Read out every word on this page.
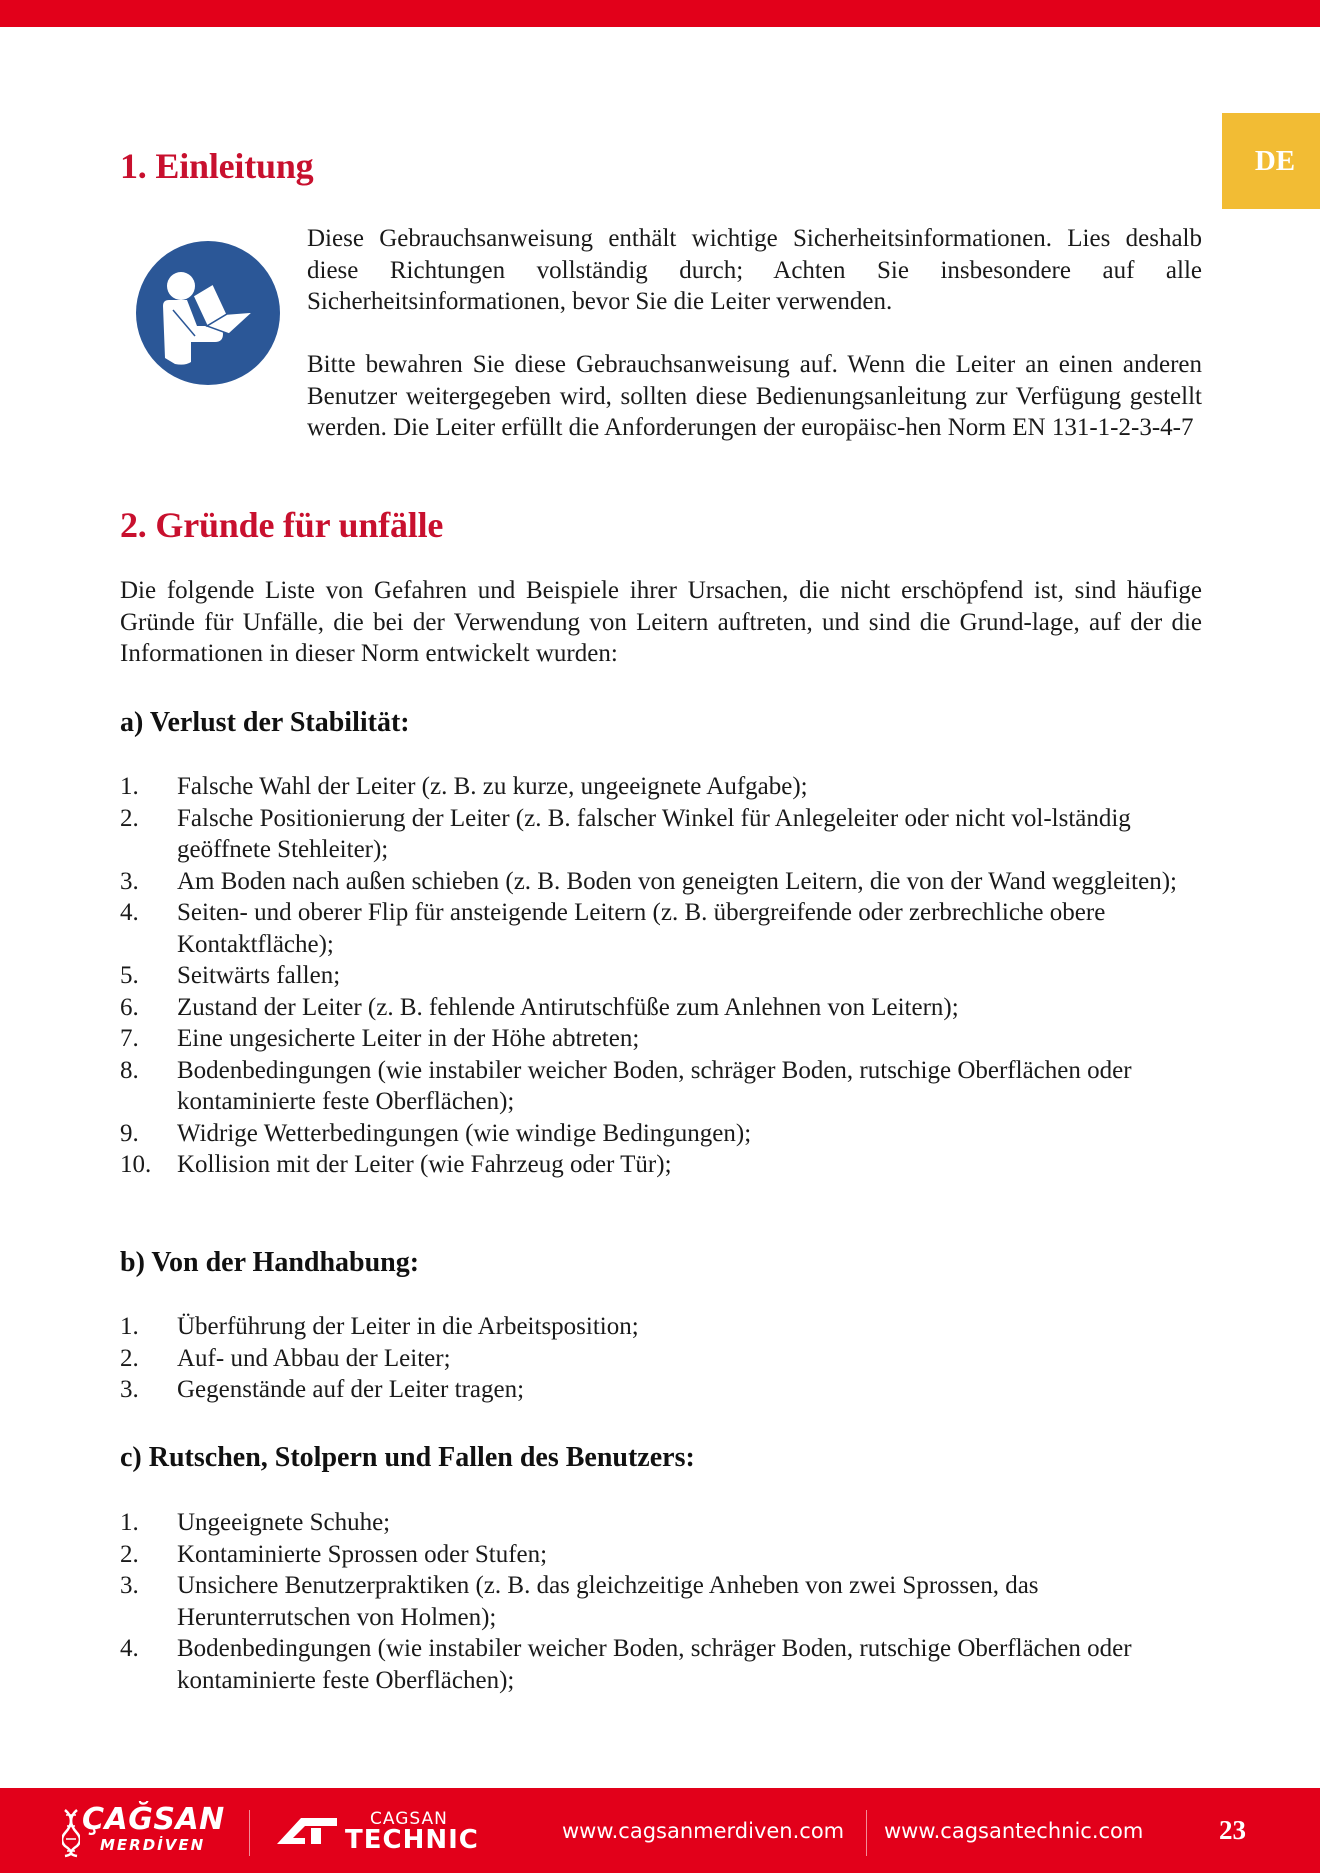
DE
1. Einleitung

Diese Gebrauchsanweisung enthält wichtige Sicherheitsinformationen. Lies deshalb diese Richtungen vollständig durch; Achten Sie insbesondere auf alle Sicherheitsinformationen, bevor Sie die Leiter verwenden.

Bitte bewahren Sie diese Gebrauchsanweisung auf. Wenn die Leiter an einen anderen Benutzer weitergegeben wird, sollten diese Bedienungsanleitung zur Verfügung gestellt werden. Die Leiter erfüllt die Anforderungen der europäisc-hen Norm EN 131-1-2-3-4-7

2. Gründe für unfälle

Die folgende Liste von Gefahren und Beispiele ihrer Ursachen, die nicht erschöpfend ist, sind häufige Gründe für Unfälle, die bei der Verwendung von Leitern auftreten, und sind die Grund-lage, auf der die Informationen in dieser Norm entwickelt wurden:

a) Verlust der Stabilität:
1.	Falsche Wahl der Leiter (z. B. zu kurze, ungeeignete Aufgabe);
2.	Falsche Positionierung der Leiter (z. B. falscher Winkel für Anlegeleiter oder nicht vol-lständig geöffnete Stehleiter);
3.	Am Boden nach außen schieben (z. B. Boden von geneigten Leitern, die von der Wand weggleiten);
4.	Seiten- und oberer Flip für ansteigende Leitern (z. B. übergreifende oder zerbrechliche obere Kontaktfläche);
5.	Seitwärts fallen;
6.	Zustand der Leiter (z. B. fehlende Antirutschfüße zum Anlehnen von Leitern);
7.	Eine ungesicherte Leiter in der Höhe abtreten;
8.	Bodenbedingungen (wie instabiler weicher Boden, schräger Boden, rutschige Oberflächen oder kontaminierte feste Oberflächen);
9.	Widrige Wetterbedingungen (wie windige Bedingungen);
10.	Kollision mit der Leiter (wie Fahrzeug oder Tür);
b) Von der Handhabung:
1.	Überführung der Leiter in die Arbeitsposition;
2.	Auf- und Abbau der Leiter;
3.	Gegenstände auf der Leiter tragen;
c) Rutschen, Stolpern und Fallen des Benutzers:
1.	Ungeeignete Schuhe;
2.	Kontaminierte Sprossen oder Stufen;
3.	Unsichere Benutzerpraktiken (z. B. das gleichzeitige Anheben von zwei Sprossen, das Herunterrutschen von Holmen);
4.	Bodenbedingungen (wie instabiler weicher Boden, schräger Boden, rutschige Oberflächen oder kontaminierte feste Oberflächen);
ÇAĞSAN
MERDİVEN
CAGSAN
TECHNIC	www.cagsanmerdiven.com www.cagsantechnic.com	23
